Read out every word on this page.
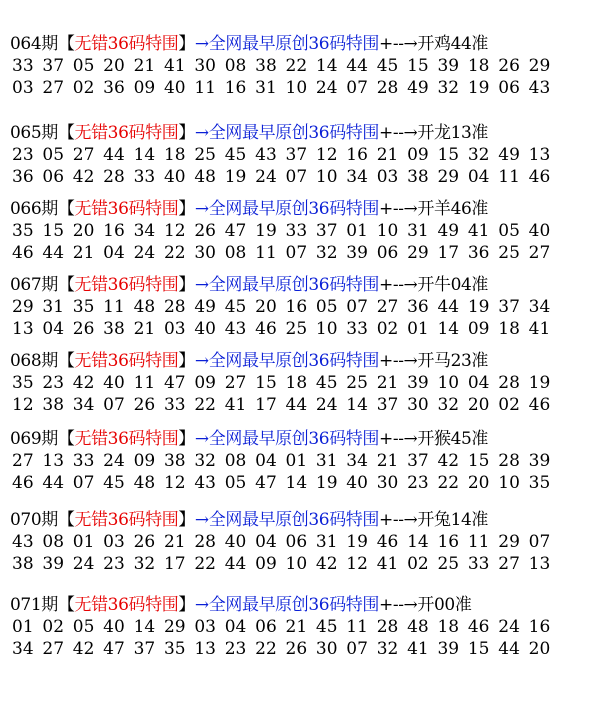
064期【无错36码特围】→全网最早原创36码特围+--→开鸡44准
33 37 05 20 21 41 30 08 38 22 14 44 45 15 39 18 26 29
03 27 02 36 09 40 11 16 31 10 24 07 28 49 32 19 06 43
065期【无错36码特围】→全网最早原创36码特围+--→开龙13准
23 05 27 44 14 18 25 45 43 37 12 16 21 09 15 32 49 13
36 06 42 28 33 40 48 19 24 07 10 34 03 38 29 04 11 46
066期【无错36码特围】→全网最早原创36码特围+--→开羊46准
35 15 20 16 34 12 26 47 19 33 37 01 10 31 49 41 05 40
46 44 21 04 24 22 30 08 11 07 32 39 06 29 17 36 25 27
067期【无错36码特围】→全网最早原创36码特围+--→开牛04准
29 31 35 11 48 28 49 45 20 16 05 07 27 36 44 19 37 34
13 04 26 38 21 03 40 43 46 25 10 33 02 01 14 09 18 41
068期【无错36码特围】→全网最早原创36码特围+--→开马23准
35 23 42 40 11 47 09 27 15 18 45 25 21 39 10 04 28 19
12 38 34 07 26 33 22 41 17 44 24 14 37 30 32 20 02 46
069期【无错36码特围】→全网最早原创36码特围+--→开猴45准
27 13 33 24 09 38 32 08 04 01 31 34 21 37 42 15 28 39
46 44 07 45 48 12 43 05 47 14 19 40 30 23 22 20 10 35
070期【无错36码特围】→全网最早原创36码特围+--→开兔14准
43 08 01 03 26 21 28 40 04 06 31 19 46 14 16 11 29 07
38 39 24 23 32 17 22 44 09 10 42 12 41 02 25 33 27 13
071期【无错36码特围】→全网最早原创36码特围+--→开00准
01 02 05 40 14 29 03 04 06 21 45 11 28 48 18 46 24 16
34 27 42 47 37 35 13 23 22 26 30 07 32 41 39 15 44 20
